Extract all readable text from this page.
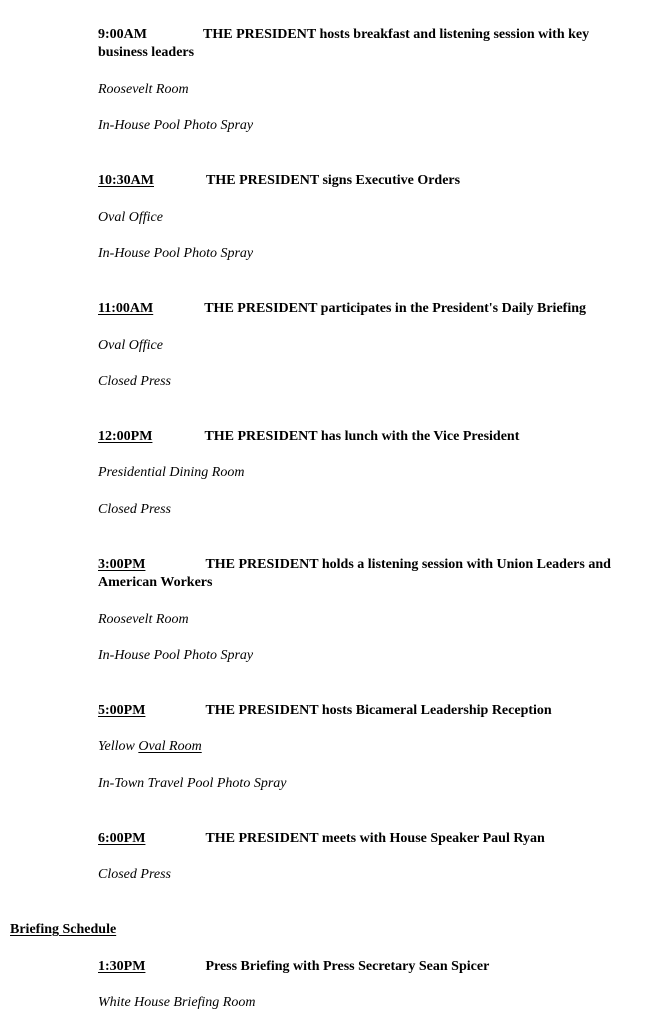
9:00AM	THE PRESIDENT hosts breakfast and listening session with key business leaders
Roosevelt Room
In-House Pool Photo Spray
10:30AM	THE PRESIDENT signs Executive Orders
Oval Office
In-House Pool Photo Spray
11:00AM	THE PRESIDENT participates in the President's Daily Briefing
Oval Office
Closed Press
12:00PM	THE PRESIDENT has lunch with the Vice President
Presidential Dining Room
Closed Press
3:00PM	THE PRESIDENT holds a listening session with Union Leaders and American Workers
Roosevelt Room
In-House Pool Photo Spray
5:00PM	THE PRESIDENT hosts Bicameral Leadership Reception
Yellow Oval Room
In-Town Travel Pool Photo Spray
6:00PM	THE PRESIDENT meets with House Speaker Paul Ryan
Closed Press
Briefing Schedule
1:30PM	Press Briefing with Press Secretary Sean Spicer
White House Briefing Room
